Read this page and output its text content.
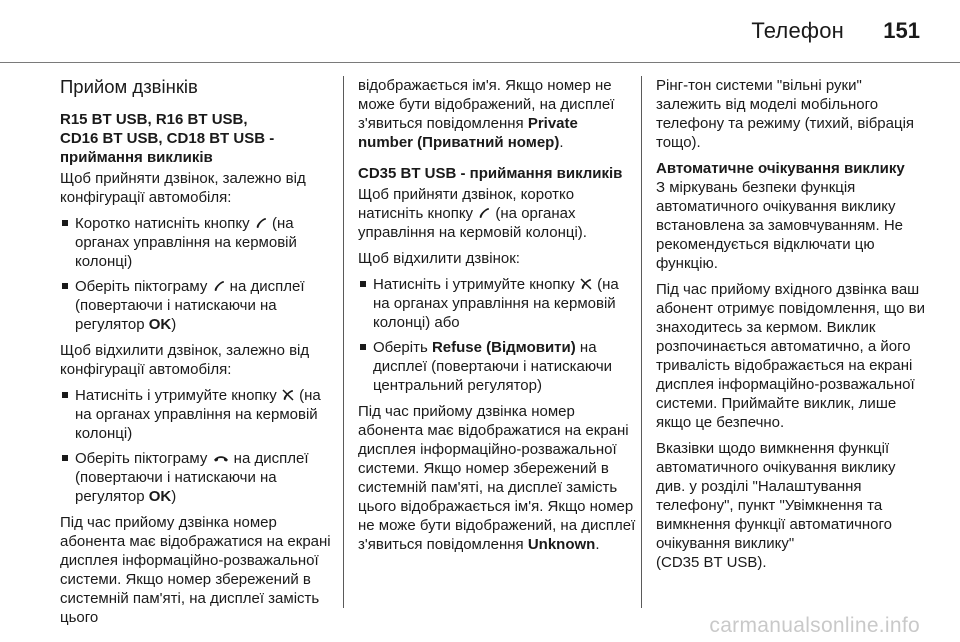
Телефон 151
Прийом дзвінків
R15 BT USB, R16 BT USB,
CD16 BT USB, CD18 BT USB -
приймання викликів

Щоб прийняти дзвінок, залежно від конфігурації автомобіля:

Коротко натисніть кнопку (на органах управління на кермовій колонці)
Оберіть піктограму на дисплеї (повертаючи і натискаючи на регулятор OK)

Щоб відхилити дзвінок, залежно від конфігурації автомобіля:

Натисніть і утримуйте кнопку (на на органах управління на кермовій колонці)
Оберіть піктограму на дисплеї (повертаючи і натискаючи на регулятор OK)

Під час прийому дзвінка номер абонента має відображатися на екрані дисплея інформаційно-розважальної системи. Якщо номер збережений в системній пам'яті, на дисплеї замість цього

відображається ім'я. Якщо номер не може бути відображений, на дисплеї з'явиться повідомлення Private number (Приватний номер).

CD35 BT USB - приймання викликів

Щоб прийняти дзвінок, коротко натисніть кнопку (на органах управління на кермовій колонці).

Щоб відхилити дзвінок:

Натисніть і утримуйте кнопку (на на органах управління на кермовій колонці) або
Оберіть Refuse (Відмовити) на дисплеї (повертаючи і натискаючи центральний регулятор)

Під час прийому дзвінка номер абонента має відображатися на екрані дисплея інформаційно-розважальної системи. Якщо номер збережений в системній пам'яті, на дисплеї замість цього відображається ім'я. Якщо номер не може бути відображений, на дисплеї з'явиться повідомлення Unknown.

Рінг-тон системи "вільні руки" залежить від моделі мобільного телефону та режиму (тихий, вібрація тощо).

Автоматичне очікування виклику

З міркувань безпеки функція автоматичного очікування виклику встановлена за замовчуванням. Не рекомендується відключати цю функцію.

Під час прийому вхідного дзвінка ваш абонент отримує повідомлення, що ви знаходитесь за кермом. Виклик розпочинається автоматично, а його тривалість відображається на екрані дисплея інформаційно-розважальної системи. Приймайте виклик, лише якщо це безпечно.

Вказівки щодо вимкнення функції автоматичного очікування виклику див. у розділі "Налаштування телефону", пункт "Увімкнення та вимкнення функції автоматичного очікування виклику"

(CD35 BT USB).

carmanualsonline.info
